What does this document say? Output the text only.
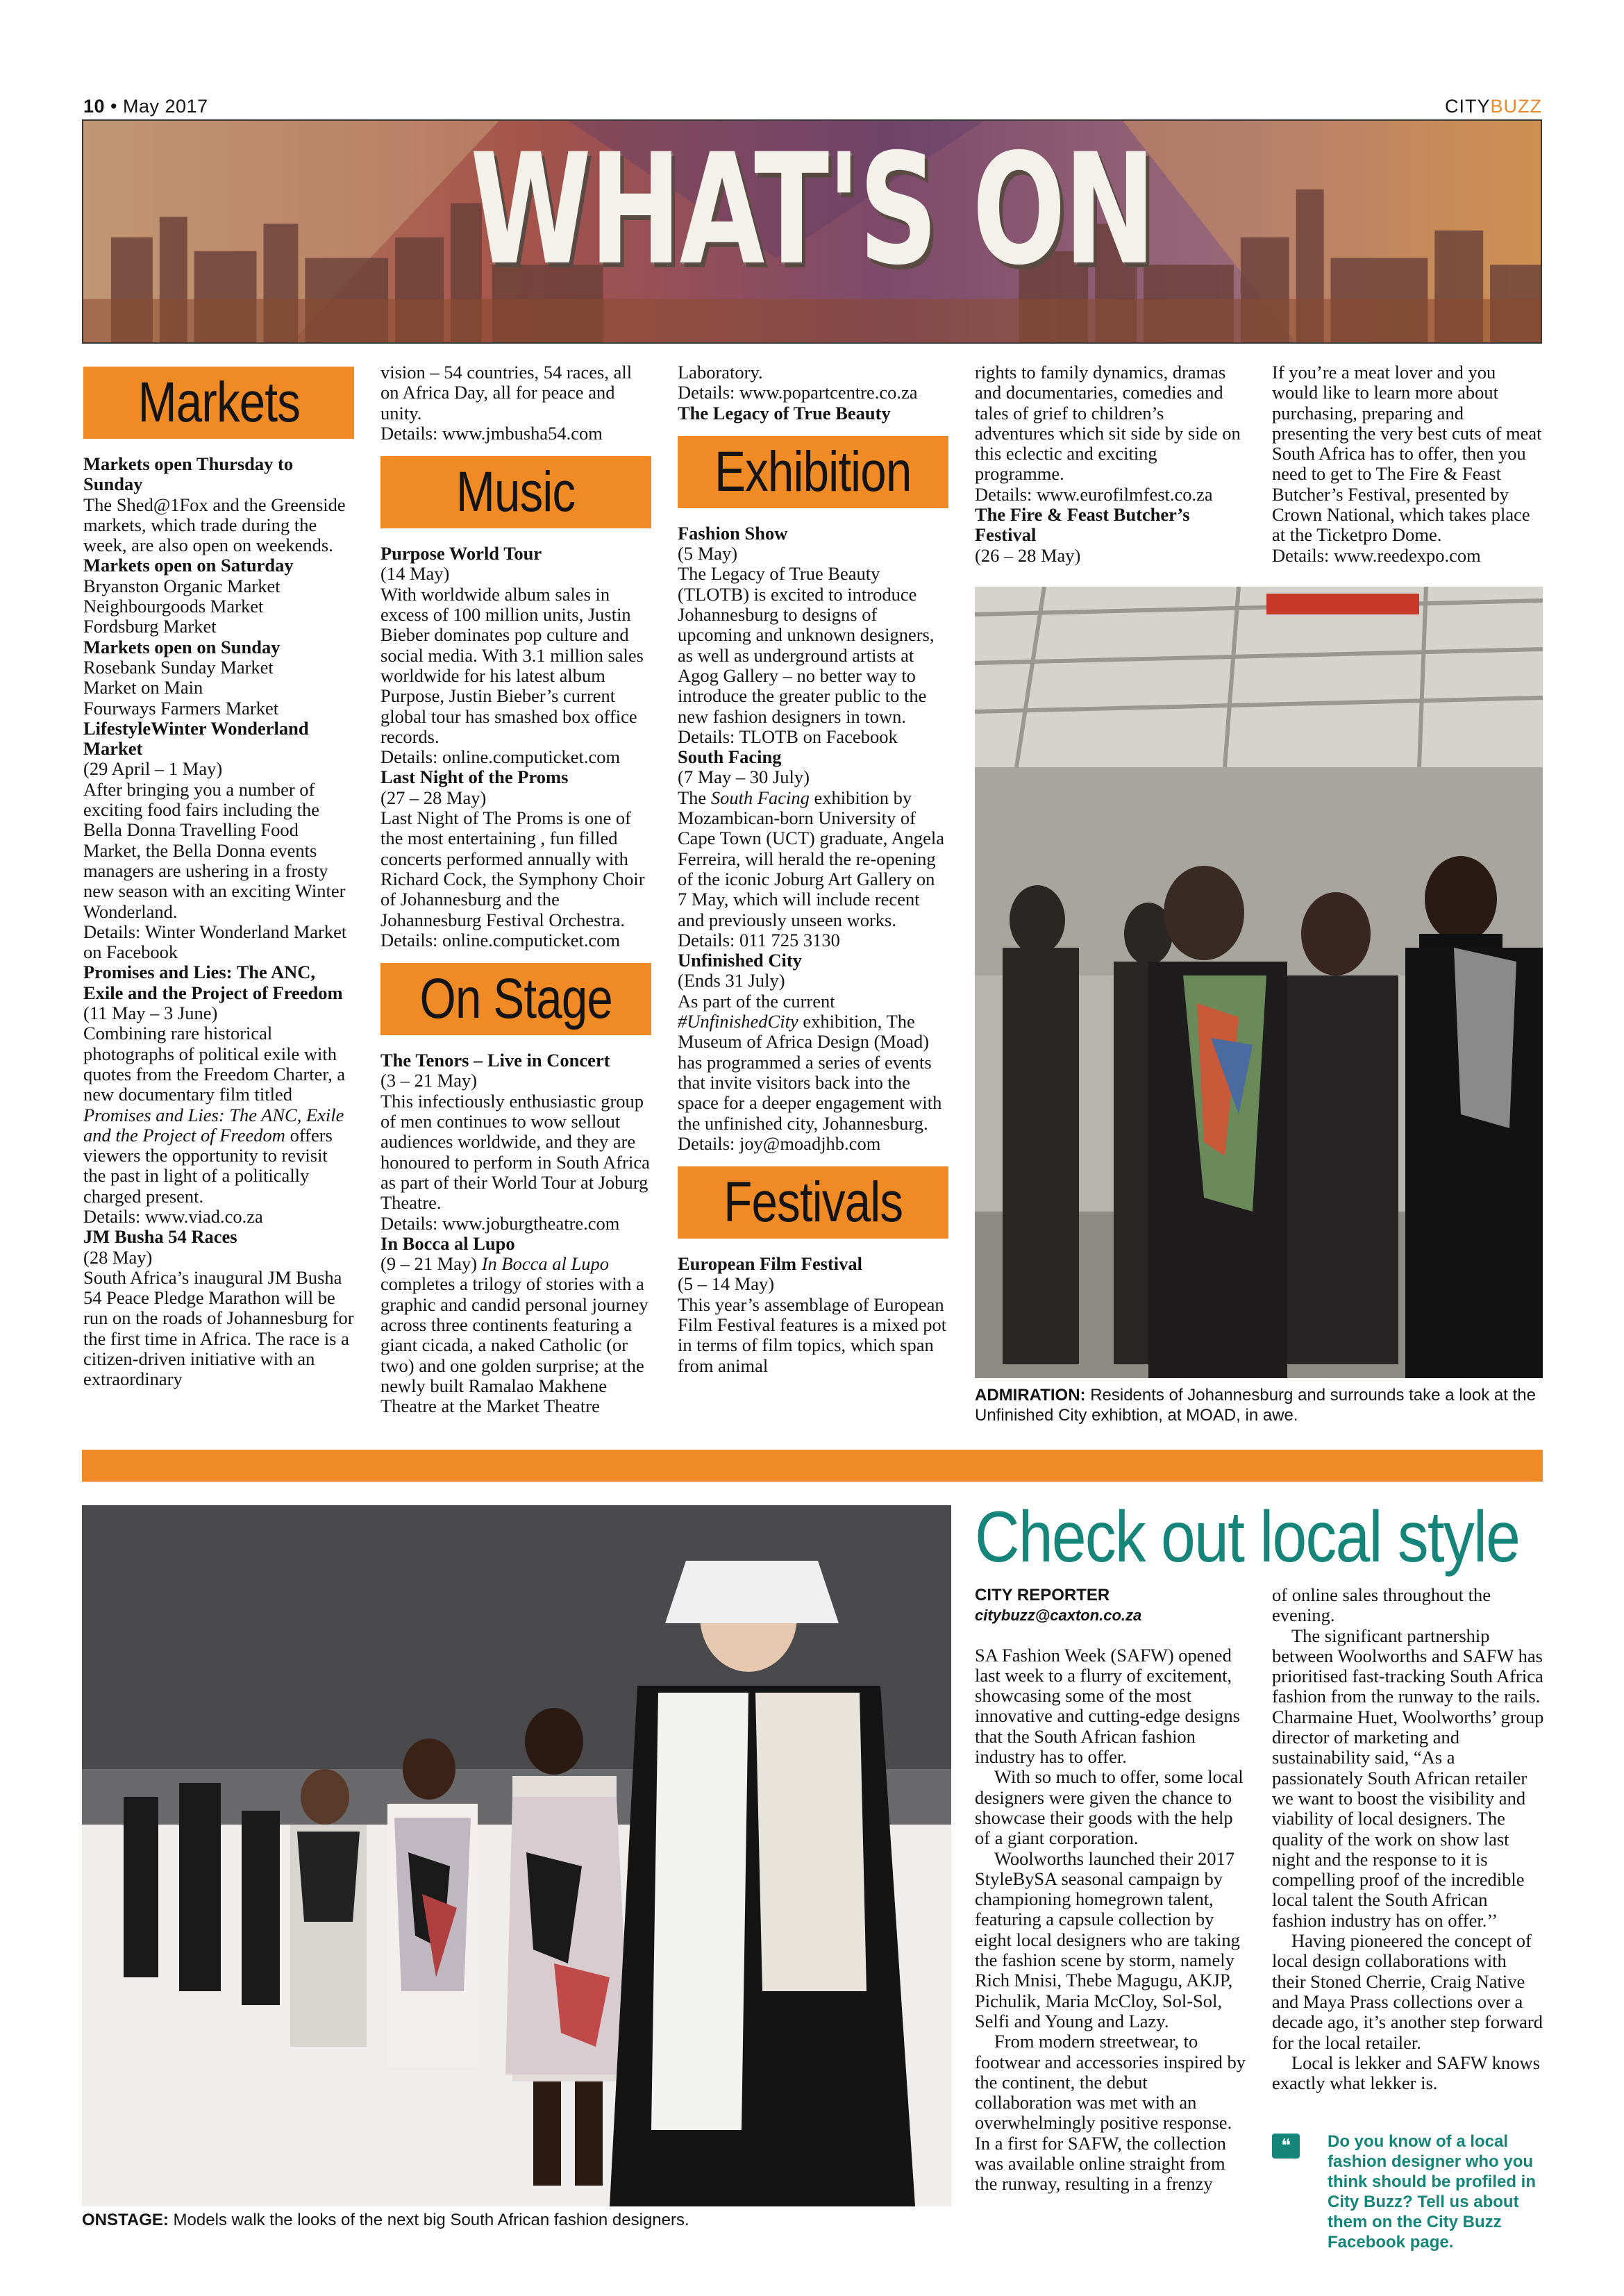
10 • May 2017	CITYBUZZ
WHAT'S ON
Markets

Markets open Thursday to Sunday

The Shed@1Fox and the Greenside markets, which trade during the week, are also open on weekends.

Markets open on Saturday

Bryanston Organic Market

Neighbourgoods Market

Fordsburg Market

Markets open on Sunday

Rosebank Sunday Market

Market on Main

Fourways Farmers Market

LifestyleWinter Wonderland Market

(29 April – 1 May)

After bringing you a number of exciting food fairs including the Bella Donna Travelling Food Market, the Bella Donna events managers are ushering in a frosty new season with an exciting Winter Wonderland.

Details: Winter Wonderland Market on Facebook

Promises and Lies: The ANC, Exile and the Project of Freedom

(11 May – 3 June)

Combining rare historical photographs of political exile with quotes from the Freedom Charter, a new documentary film titled Promises and Lies: The ANC, Exile and the Project of Freedom offers viewers the opportunity to revisit the past in light of a politically charged present.

Details: www.viad.co.za

JM Busha 54 Races

(28 May)

South Africa’s inaugural JM Busha 54 Peace Pledge Marathon will be run on the roads of Johannesburg for the first time in Africa. The race is a citizen-driven initiative with an extraordinary

vision – 54 countries, 54 races, all on Africa Day, all for peace and unity.

Details: www.jmbusha54.com

Music

Purpose World Tour

(14 May)

With worldwide album sales in excess of 100 million units, Justin Bieber dominates pop culture and social media. With 3.1 million sales worldwide for his latest album Purpose, Justin Bieber’s current global tour has smashed box office records.

Details: online.computicket.com

Last Night of the Proms

(27 – 28 May)

Last Night of The Proms is one of the most entertaining , fun filled concerts performed annually with Richard Cock, the Symphony Choir of Johannesburg and the Johannesburg Festival Orchestra.

Details: online.computicket.com

On Stage

The Tenors – Live in Concert

(3 – 21 May)

This infectiously enthusiastic group of men continues to wow sellout audiences worldwide, and they are honoured to perform in South Africa as part of their World Tour at Joburg Theatre.

Details: www.joburgtheatre.com

In Bocca al Lupo

(9 – 21 May) In Bocca al Lupo completes a trilogy of stories with a graphic and candid personal journey across three continents featuring a giant cicada, a naked Catholic (or two) and one golden surprise; at the newly built Ramalao Makhene Theatre at the Market Theatre

Laboratory.

Details: www.popartcentre.co.za

The Legacy of True Beauty

Exhibition

Fashion Show

(5 May)

The Legacy of True Beauty (TLOTB) is excited to introduce Johannesburg to designs of upcoming and unknown designers, as well as underground artists at Agog Gallery – no better way to introduce the greater public to the new fashion designers in town.

Details: TLOTB on Facebook

South Facing

(7 May – 30 July)

The South Facing exhibition by Mozambican-born University of Cape Town (UCT) graduate, Angela Ferreira, will herald the re-opening of the iconic Joburg Art Gallery on 7 May, which will include recent and previously unseen works.

Details: 011 725 3130

Unfinished City

(Ends 31 July)

As part of the current #UnfinishedCity exhibition, The Museum of Africa Design (Moad) has programmed a series of events that invite visitors back into the space for a deeper engagement with the unfinished city, Johannesburg.

Details: joy@moadjhb.com

Festivals

European Film Festival

(5 – 14 May)

This year’s assemblage of European Film Festival features is a mixed pot in terms of film topics, which span from animal

rights to family dynamics, dramas and documentaries, comedies and tales of grief to children’s adventures which sit side by side on this eclectic and exciting programme.

Details: www.eurofilmfest.co.za

The Fire & Feast Butcher’s Festival

(26 – 28 May)

If you’re a meat lover and you would like to learn more about purchasing, preparing and presenting the very best cuts of meat South Africa has to offer, then you need to get to The Fire & Feast Butcher’s Festival, presented by Crown National, which takes place at the Ticketpro Dome.

Details: www.reedexpo.com

ADMIRATION: Residents of Johannesburg and surrounds take a look at the Unfinished City exhibtion, at MOAD, in awe.
ONSTAGE: Models walk the looks of the next big South African fashion designers.
Check out local style
CITY REPORTER
citybuzz@caxton.co.za

SA Fashion Week (SAFW) opened last week to a flurry of excitement, showcasing some of the most innovative and cutting-edge designs that the South African fashion industry has to offer.

With so much to offer, some local designers were given the chance to showcase their goods with the help of a giant corporation.

Woolworths launched their 2017 StyleBySA seasonal campaign by championing homegrown talent, featuring a capsule collection by eight local designers who are taking the fashion scene by storm, namely Rich Mnisi, Thebe Magugu, AKJP, Pichulik, Maria McCloy, Sol-Sol, Selfi and Young and Lazy.

From modern streetwear, to footwear and accessories inspired by the continent, the debut collaboration was met with an overwhelmingly positive response. In a first for SAFW, the collection was available online straight from the runway, resulting in a frenzy

of online sales throughout the evening.

The significant partnership between Woolworths and SAFW has prioritised fast-tracking South Africa fashion from the runway to the rails. Charmaine Huet, Woolworths’ group director of marketing and sustainability said, “As a passionately South African retailer we want to boost the visibility and viability of local designers. The quality of the work on show last night and the response to it is compelling proof of the incredible local talent the South African fashion industry has on offer.’’

Having pioneered the concept of local design collaborations with their Stoned Cherrie, Craig Native and Maya Prass collections over a decade ago, it’s another step forward for the local retailer.

Local is lekker and SAFW knows exactly what lekker is.

❝	Do you know of a local fashion designer who you think should be profiled in City Buzz? Tell us about them on the City Buzz Facebook page.
